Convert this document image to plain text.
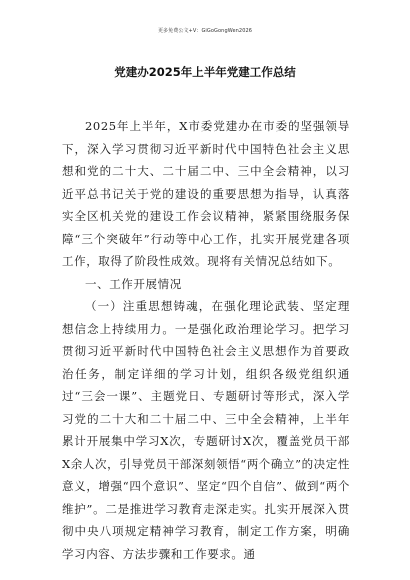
更多免费公文+V：GiGoGongWen2026
党建办2025年上半年党建工作总结

2025年上半年，X市委党建办在市委的坚强领导下，深入学习贯彻习近平新时代中国特色社会主义思想和党的二十大、二十届二中、三中全会精神，以习近平总书记关于党的建设的重要思想为指导，认真落实全区机关党的建设工作会议精神，紧紧围绕服务保障“三个突破年”行动等中心工作，扎实开展党建各项工作，取得了阶段性成效。现将有关情况总结如下。

一、工作开展情况

（一）注重思想铸魂，在强化理论武装、坚定理想信念上持续用力。一是强化政治理论学习。把学习贯彻习近平新时代中国特色社会主义思想作为首要政治任务，制定详细的学习计划，组织各级党组织通过“三会一课”、主题党日、专题研讨等形式，深入学习党的二十大和二十届二中、三中全会精神，上半年累计开展集中学习X次，专题研讨X次，覆盖党员干部X余人次，引导党员干部深刻领悟“两个确立”的决定性意义，增强“四个意识”、坚定“四个自信”、做到“两个维护”。二是推进学习教育走深走实。扎实开展深入贯彻中央八项规定精神学习教育，制定工作方案，明确学习内容、方法步骤和工作要求。通
